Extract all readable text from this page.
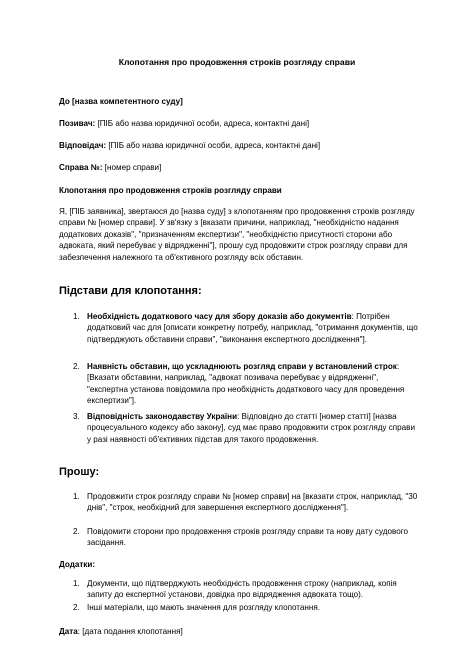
Клопотання про продовження строків розгляду справи
До [назва компетентного суду]
Позивач: [ПІБ або назва юридичної особи, адреса, контактні дані]
Відповідач: [ПІБ або назва юридичної особи, адреса, контактні дані]
Справа №: [номер справи]
Клопотання про продовження строків розгляду справи
Я, [ПІБ заявника], звертаюся до [назва суду] з клопотанням про продовження строків розгляду справи № [номер справи]. У зв'язку з [вказати причини, наприклад, "необхідністю надання додаткових доказів", "призначенням експертизи", "необхідністю присутності сторони або адвоката, який перебуває у відрядженні"], прошу суд продовжити строк розгляду справи для забезпечення належного та об'єктивного розгляду всіх обставин.
Підстави для клопотання:
1. Необхідність додаткового часу для збору доказів або документів: Потрібен додатковий час для [описати конкретну потребу, наприклад, "отримання документів, що підтверджують обставини справи", "виконання експертного дослідження"].
2. Наявність обставин, що ускладнюють розгляд справи у встановлений строк: [Вказати обставини, наприклад, "адвокат позивача перебуває у відрядженні", "експертна установа повідомила про необхідність додаткового часу для проведення експертизи"].
3. Відповідність законодавству України: Відповідно до статті [номер статті] [назва процесуального кодексу або закону], суд має право продовжити строк розгляду справи у разі наявності об'єктивних підстав для такого продовження.
Прошу:
1. Продовжити строк розгляду справи № [номер справи] на [вказати строк, наприклад, "30 днів", "строк, необхідний для завершення експертного дослідження"].
2. Повідомити сторони про продовження строків розгляду справи та нову дату судового засідання.
Додатки:
1. Документи, що підтверджують необхідність продовження строку (наприклад, копія запиту до експертної установи, довідка про відрядження адвоката тощо).
2. Інші матеріали, що мають значення для розгляду клопотання.
Дата: [дата подання клопотання]
